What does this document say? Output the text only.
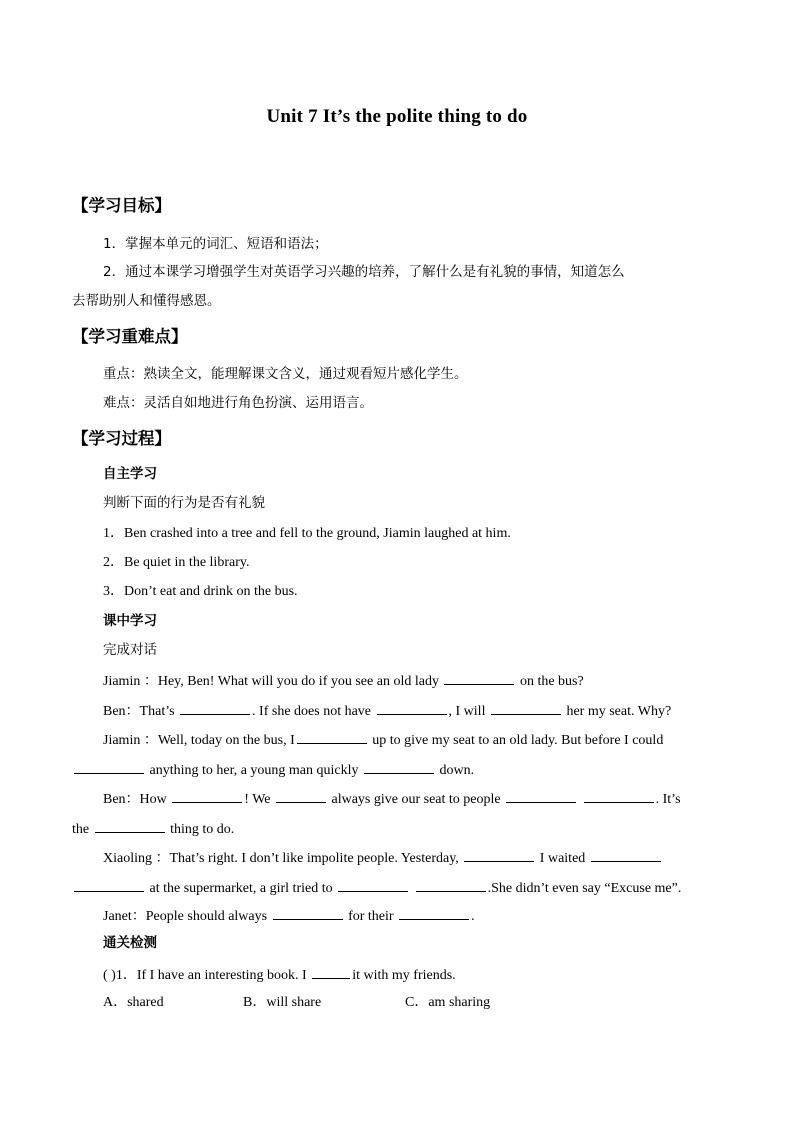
Unit 7 It’s the polite thing to do
【学习目标】
1．掌握本单元的词汇、短语和语法；
2．通过本课学习增强学生对英语学习兴趣的培养，了解什么是有礼貌的事情，知道怎么
去帮助别人和懂得感恩。
【学习重难点】
重点：熟读全文，能理解课文含义，通过观看短片感化学生。
难点：灵活自如地进行角色扮演、运用语言。
【学习过程】
自主学习
判断下面的行为是否有礼貌
1．Ben crashed into a tree and fell to the ground, Jiamin laughed at him.
2．Be quiet in the library.
3．Don’t eat and drink on the bus.
课中学习
完成对话
Jiamin ：Hey, Ben! What will you do if you see an old lady	on the bus?
Ben：That’s	. If she does not have	, I will	her my seat. Why?
Jiamin ：Well, today on the bus, I	up to give my seat to an old lady. But before I could
anything to her, a young man quickly	down.
Ben：How	! We	always give our seat to people	. It’s
the	thing to do.
Xiaoling ：That’s right. I don’t like impolite people. Yesterday,	I waited
at the supermarket, a girl tried to	.She didn’t even say “Excuse me”.
Janet：People should always	for their	.
通关检测
( )1．If I have an interesting book. I	it with my friends.
A．shared	B．will share	C．am sharing
